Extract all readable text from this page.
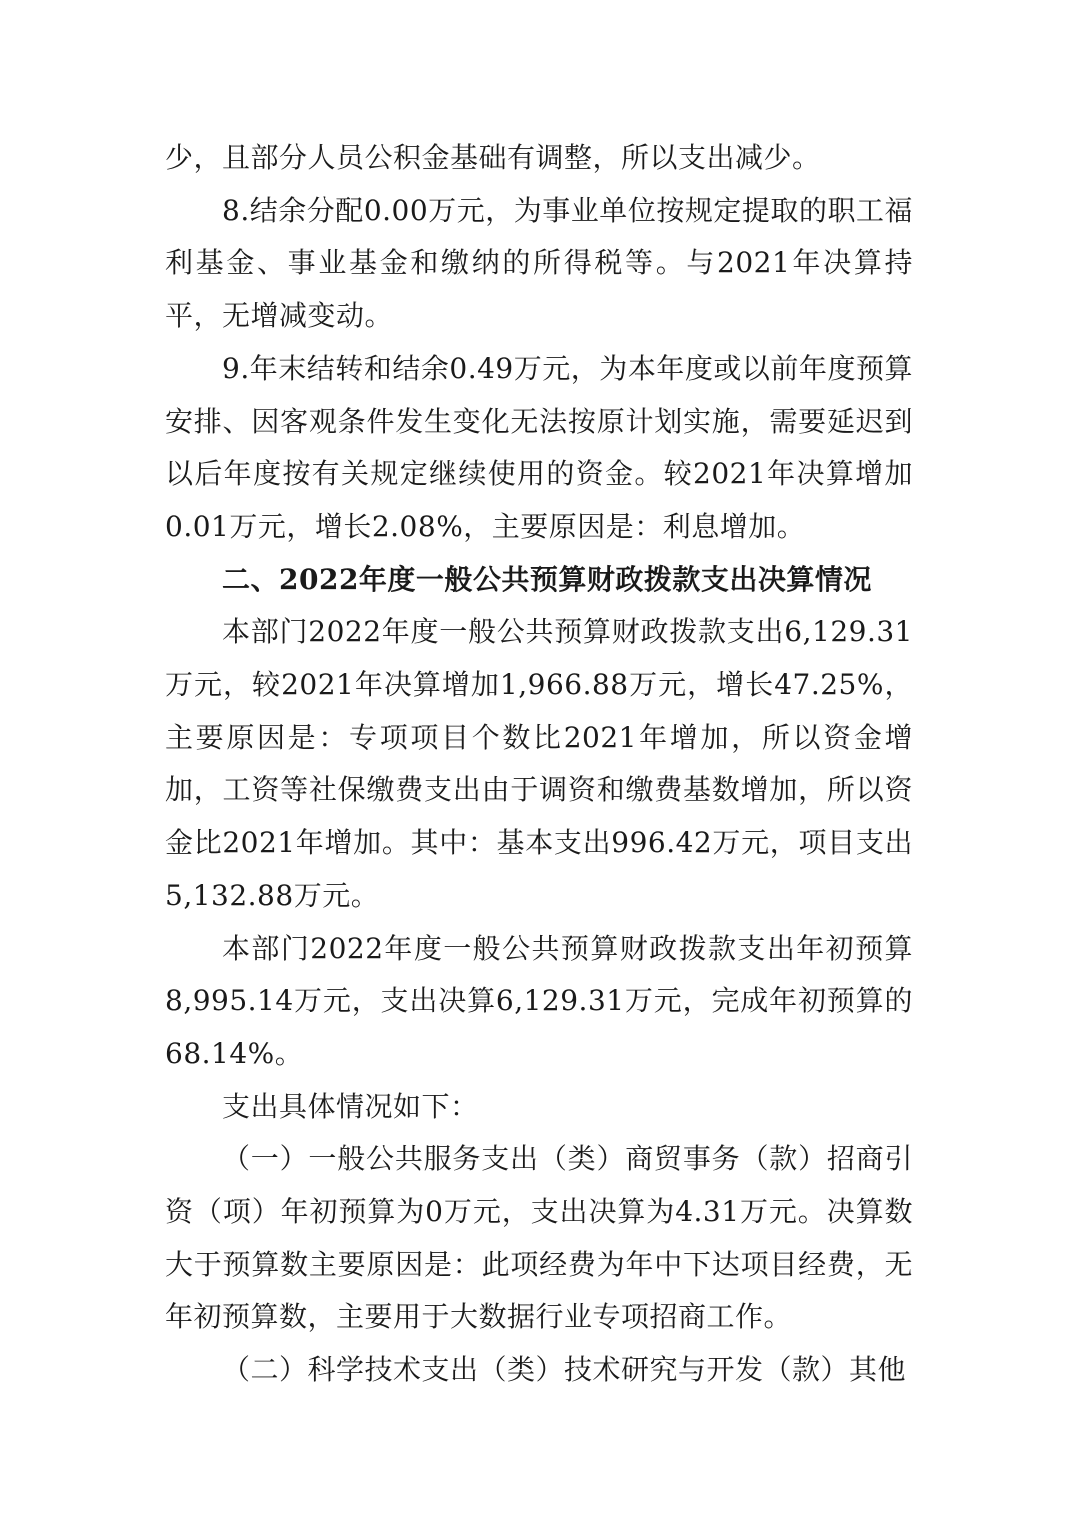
少，且部分人员公积金基础有调整，所以支出减少。

8.结余分配0.00万元，为事业单位按规定提取的职工福利基金、事业基金和缴纳的所得税等。与2021年决算持平，无增减变动。

9.年末结转和结余0.49万元，为本年度或以前年度预算安排、因客观条件发生变化无法按原计划实施，需要延迟到以后年度按有关规定继续使用的资金。较2021年决算增加0.01万元，增长2.08%，主要原因是：利息增加。

二、2022年度一般公共预算财政拨款支出决算情况

本部门2022年度一般公共预算财政拨款支出6,129.31万元，较2021年决算增加1,966.88万元，增长47.25%，主要原因是：专项项目个数比2021年增加，所以资金增加，工资等社保缴费支出由于调资和缴费基数增加，所以资金比2021年增加。其中：基本支出996.42万元，项目支出5,132.88万元。

本部门2022年度一般公共预算财政拨款支出年初预算8,995.14万元，支出决算6,129.31万元，完成年初预算的68.14%。

支出具体情况如下：

（一）一般公共服务支出（类）商贸事务（款）招商引资（项）年初预算为0万元，支出决算为4.31万元。决算数大于预算数主要原因是：此项经费为年中下达项目经费，无年初预算数，主要用于大数据行业专项招商工作。

（二）科学技术支出（类）技术研究与开发（款）其他
